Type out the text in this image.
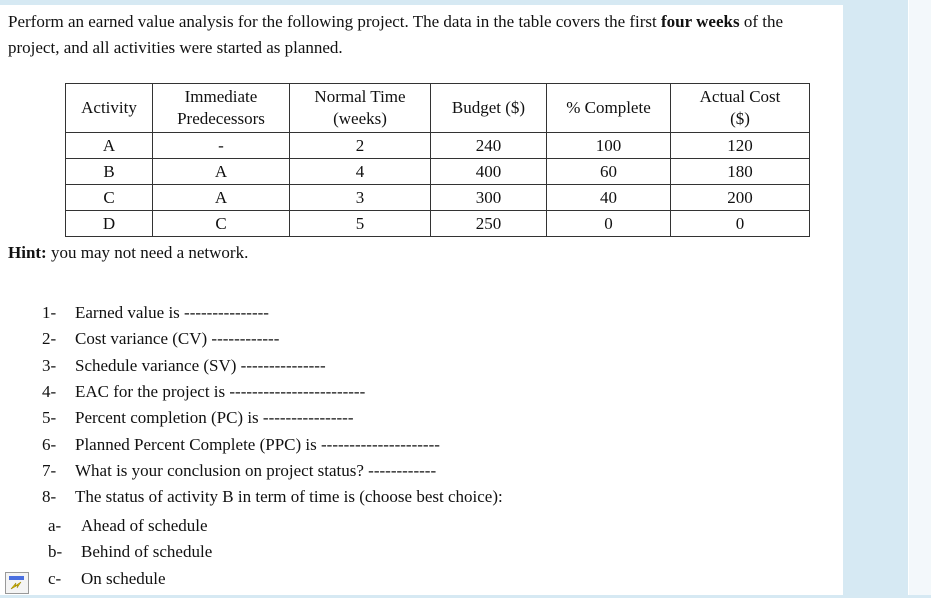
Perform an earned value analysis for the following project. The data in the table covers the first four weeks of the project, and all activities were started as planned.
Activity	Immediate Predecessors	Normal Time (weeks)	Budget ($)	% Complete	Actual Cost ($)
A	-	2	240	100	120
B	A	4	400	60	180
C	A	3	300	40	200
D	C	5	250	0	0
Hint: you may not need a network.
1- Earned value is ---------------
2- Cost variance (CV) ------------
3- Schedule variance (SV) ---------------
4- EAC for the project is ------------------------
5- Percent completion (PC) is ----------------
6- Planned Percent Complete (PPC) is ---------------------
7- What is your conclusion on project status? ------------
8- The status of activity B in term of time is (choose best choice):
a- Ahead of schedule
b- Behind of schedule
c- On schedule
